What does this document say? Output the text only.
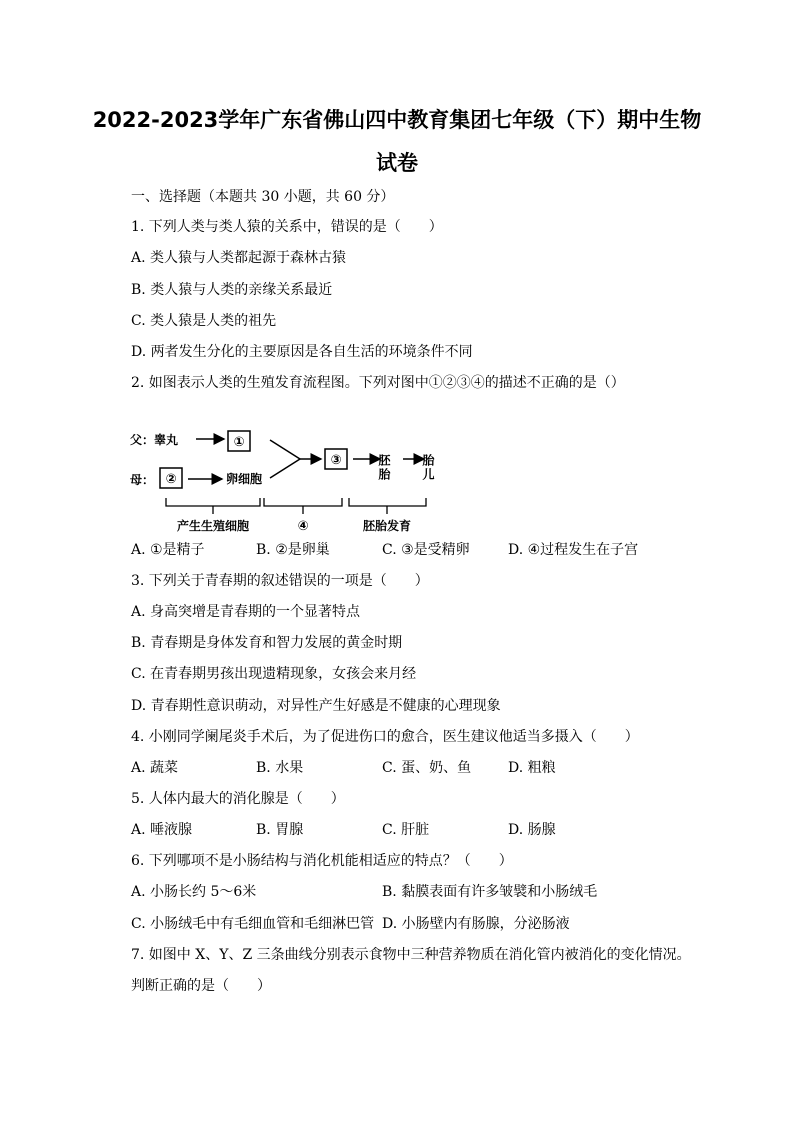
2022-2023学年广东省佛山四中教育集团七年级（下）期中生物
试卷
一、选择题（本题共 30 小题，共 60 分）
1. 下列人类与类人猿的关系中，错误的是（　　）
A. 类人猿与人类都起源于森林古猿
B. 类人猿与人类的亲缘关系最近
C. 类人猿是人类的祖先
D. 两者发生分化的主要原因是各自生活的环境条件不同
2. 如图表示人类的生殖发育流程图。下列对图中①②③④的描述不正确的是（）
父：睾丸	①
母： ②	卵细胞
③	胚胎	胎儿
产生生殖细胞	④	胚胎发育
A. ①是精子	B. ②是卵巢	C. ③是受精卵	D. ④过程发生在子宫
3. 下列关于青春期的叙述错误的一项是（　　）
A. 身高突增是青春期的一个显著特点
B. 青春期是身体发育和智力发展的黄金时期
C. 在青春期男孩出现遗精现象，女孩会来月经
D. 青春期性意识萌动，对异性产生好感是不健康的心理现象
4. 小刚同学阑尾炎手术后，为了促进伤口的愈合，医生建议他适当多摄入（　　）
A. 蔬菜	B. 水果	C. 蛋、奶、鱼	D. 粗粮
5. 人体内最大的消化腺是（　　）
A. 唾液腺	B. 胃腺	C. 肝脏	D. 肠腺
6. 下列哪项不是小肠结构与消化机能相适应的特点？（　　）
A. 小肠长约 5～6米	B. 黏膜表面有许多皱襞和小肠绒毛
C. 小肠绒毛中有毛细血管和毛细淋巴管 D. 小肠壁内有肠腺，分泌肠液
7. 如图中 X、Y、Z 三条曲线分别表示食物中三种营养物质在消化管内被消化的变化情况。
判断正确的是（　　）
